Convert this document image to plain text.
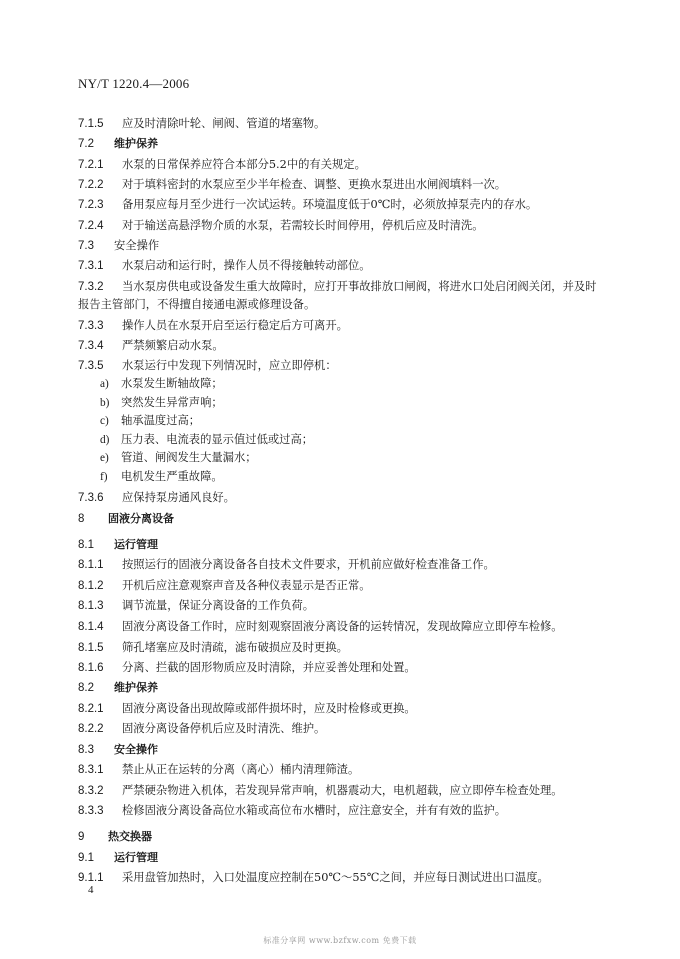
NY/T 1220.4—2006
7.1.5 应及时清除叶轮、闸阀、管道的堵塞物。
7.2 维护保养
7.2.1 水泵的日常保养应符合本部分5.2中的有关规定。
7.2.2 对于填料密封的水泵应至少半年检查、调整、更换水泵进出水闸阀填料一次。
7.2.3 备用泵应每月至少进行一次试运转。环境温度低于0℃时，必须放掉泵壳内的存水。
7.2.4 对于输送高悬浮物介质的水泵，若需较长时间停用，停机后应及时清洗。
7.3 安全操作
7.3.1 水泵启动和运行时，操作人员不得接触转动部位。
7.3.2 当水泵房供电或设备发生重大故障时，应打开事故排放口闸阀，将进水口处启闭阀关闭，并及时
报告主管部门，不得擅自接通电源或修理设备。
7.3.3 操作人员在水泵开启至运行稳定后方可离开。
7.3.4 严禁频繁启动水泵。
7.3.5 水泵运行中发现下列情况时，应立即停机：
a) 水泵发生断轴故障；
b) 突然发生异常声响；
c) 轴承温度过高；
d) 压力表、电流表的显示值过低或过高；
e) 管道、闸阀发生大量漏水；
f) 电机发生严重故障。
7.3.6 应保持泵房通风良好。
8 固液分离设备
8.1 运行管理
8.1.1 按照运行的固液分离设备各自技术文件要求，开机前应做好检查准备工作。
8.1.2 开机后应注意观察声音及各种仪表显示是否正常。
8.1.3 调节流量，保证分离设备的工作负荷。
8.1.4 固液分离设备工作时，应时刻观察固液分离设备的运转情况，发现故障应立即停车检修。
8.1.5 筛孔堵塞应及时清疏，滤布破损应及时更换。
8.1.6 分离、拦截的固形物质应及时清除，并应妥善处理和处置。
8.2 维护保养
8.2.1 固液分离设备出现故障或部件损坏时，应及时检修或更换。
8.2.2 固液分离设备停机后应及时清洗、维护。
8.3 安全操作
8.3.1 禁止从正在运转的分离（离心）桶内清理筛渣。
8.3.2 严禁硬杂物进入机体，若发现异常声响，机器震动大，电机超载，应立即停车检查处理。
8.3.3 检修固液分离设备高位水箱或高位布水槽时，应注意安全，并有有效的监护。
9 热交换器
9.1 运行管理
9.1.1 采用盘管加热时，入口处温度应控制在50℃～55℃之间，并应每日测试进出口温度。
4
标准分享网 www.bzfxw.com 免费下载
